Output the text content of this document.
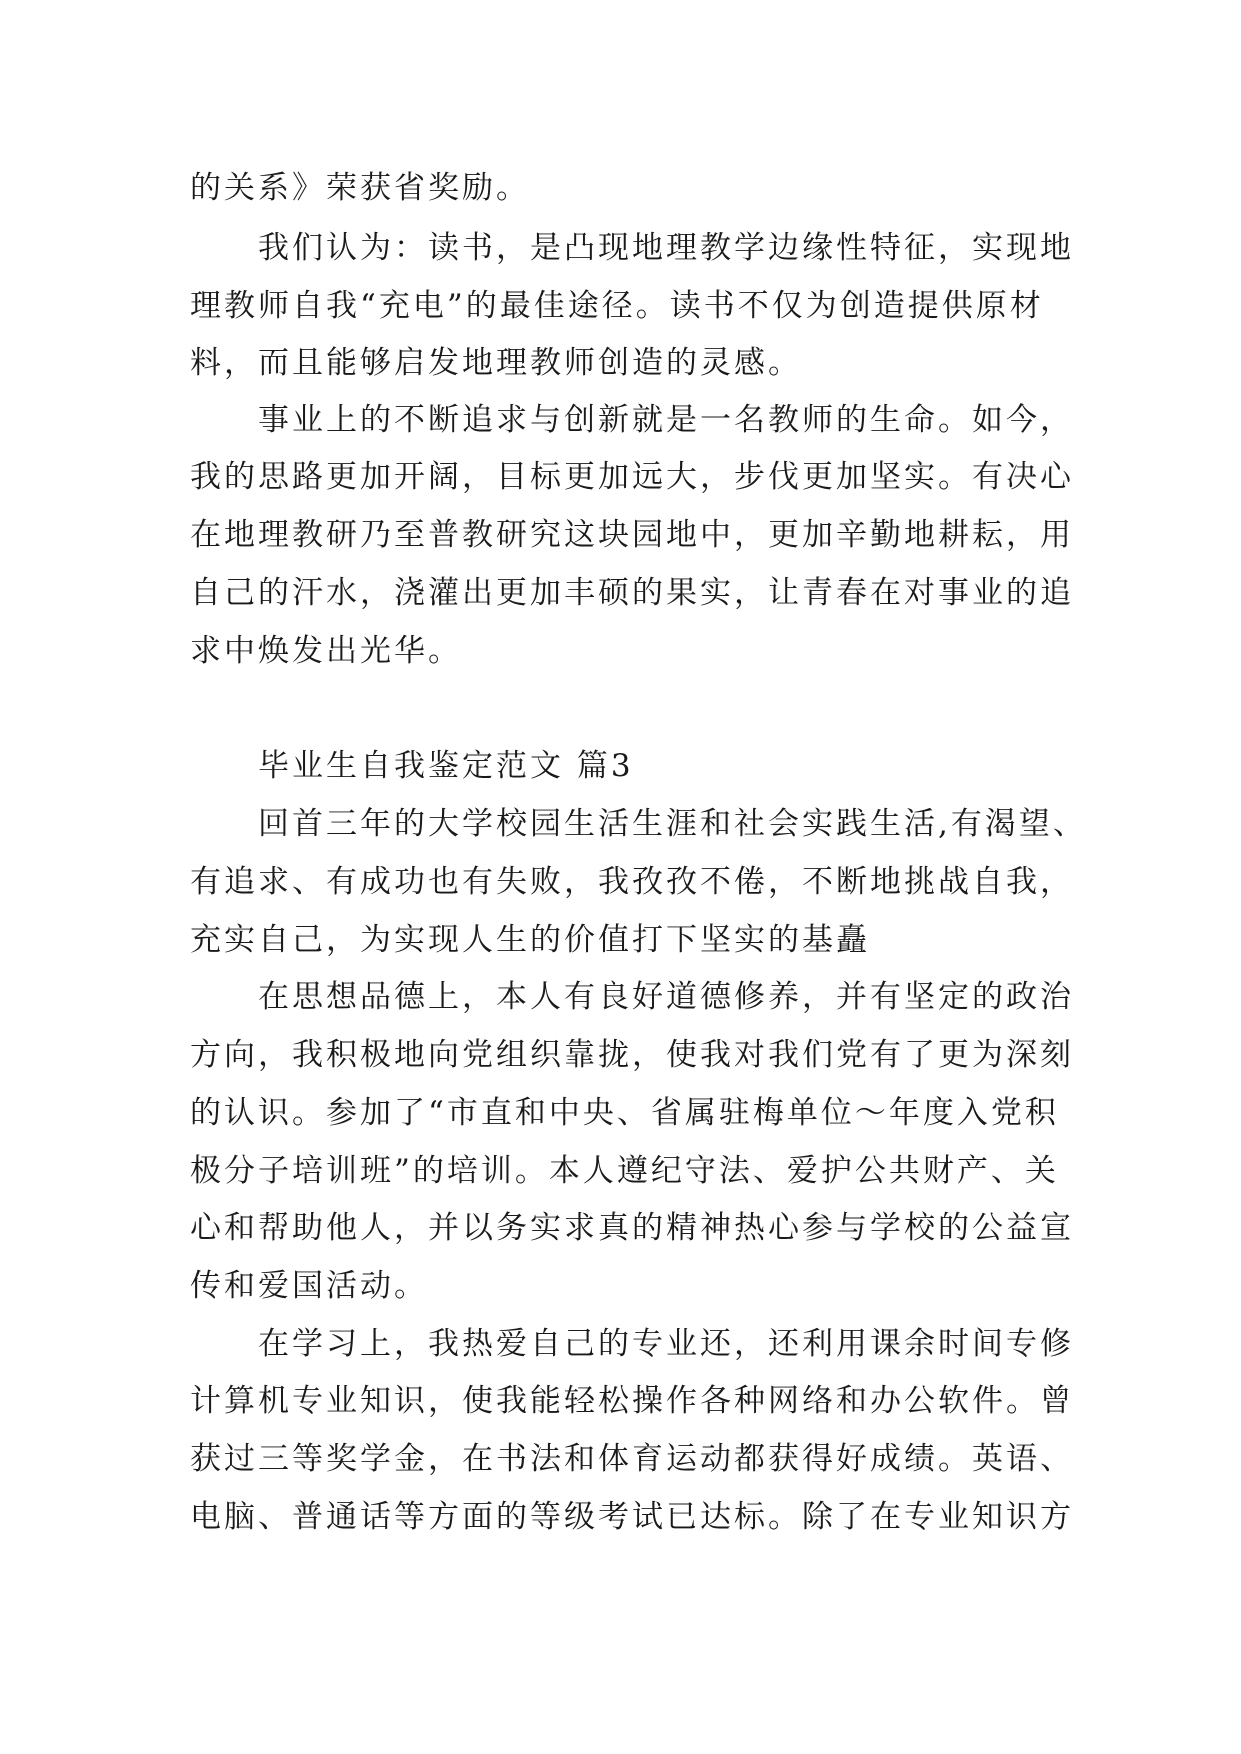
的关系》荣获省奖励。

我们认为：读书，是凸现地理教学边缘性特征，实现地

理教师自我“充电”的最佳途径。读书不仅为创造提供原材

料，而且能够启发地理教师创造的灵感。

事业上的不断追求与创新就是一名教师的生命。如今，

我的思路更加开阔，目标更加远大，步伐更加坚实。有决心

在地理教研乃至普教研究这块园地中，更加辛勤地耕耘，用

自己的汗水，浇灌出更加丰硕的果实，让青春在对事业的追

求中焕发出光华。

毕业生自我鉴定范文 篇3

回首三年的大学校园生活生涯和社会实践生活,有渴望、

有追求、有成功也有失败，我孜孜不倦，不断地挑战自我，

充实自己，为实现人生的价值打下坚实的基矗

在思想品德上，本人有良好道德修养，并有坚定的政治

方向，我积极地向党组织靠拢，使我对我们党有了更为深刻

的认识。参加了“市直和中央、省属驻梅单位～年度入党积

极分子培训班”的培训。本人遵纪守法、爱护公共财产、关

心和帮助他人，并以务实求真的精神热心参与学校的公益宣

传和爱国活动。

在学习上，我热爱自己的专业还，还利用课余时间专修

计算机专业知识，使我能轻松操作各种网络和办公软件。曾

获过三等奖学金，在书法和体育运动都获得好成绩。英语、

电脑、普通话等方面的等级考试已达标。除了在专业知识方
